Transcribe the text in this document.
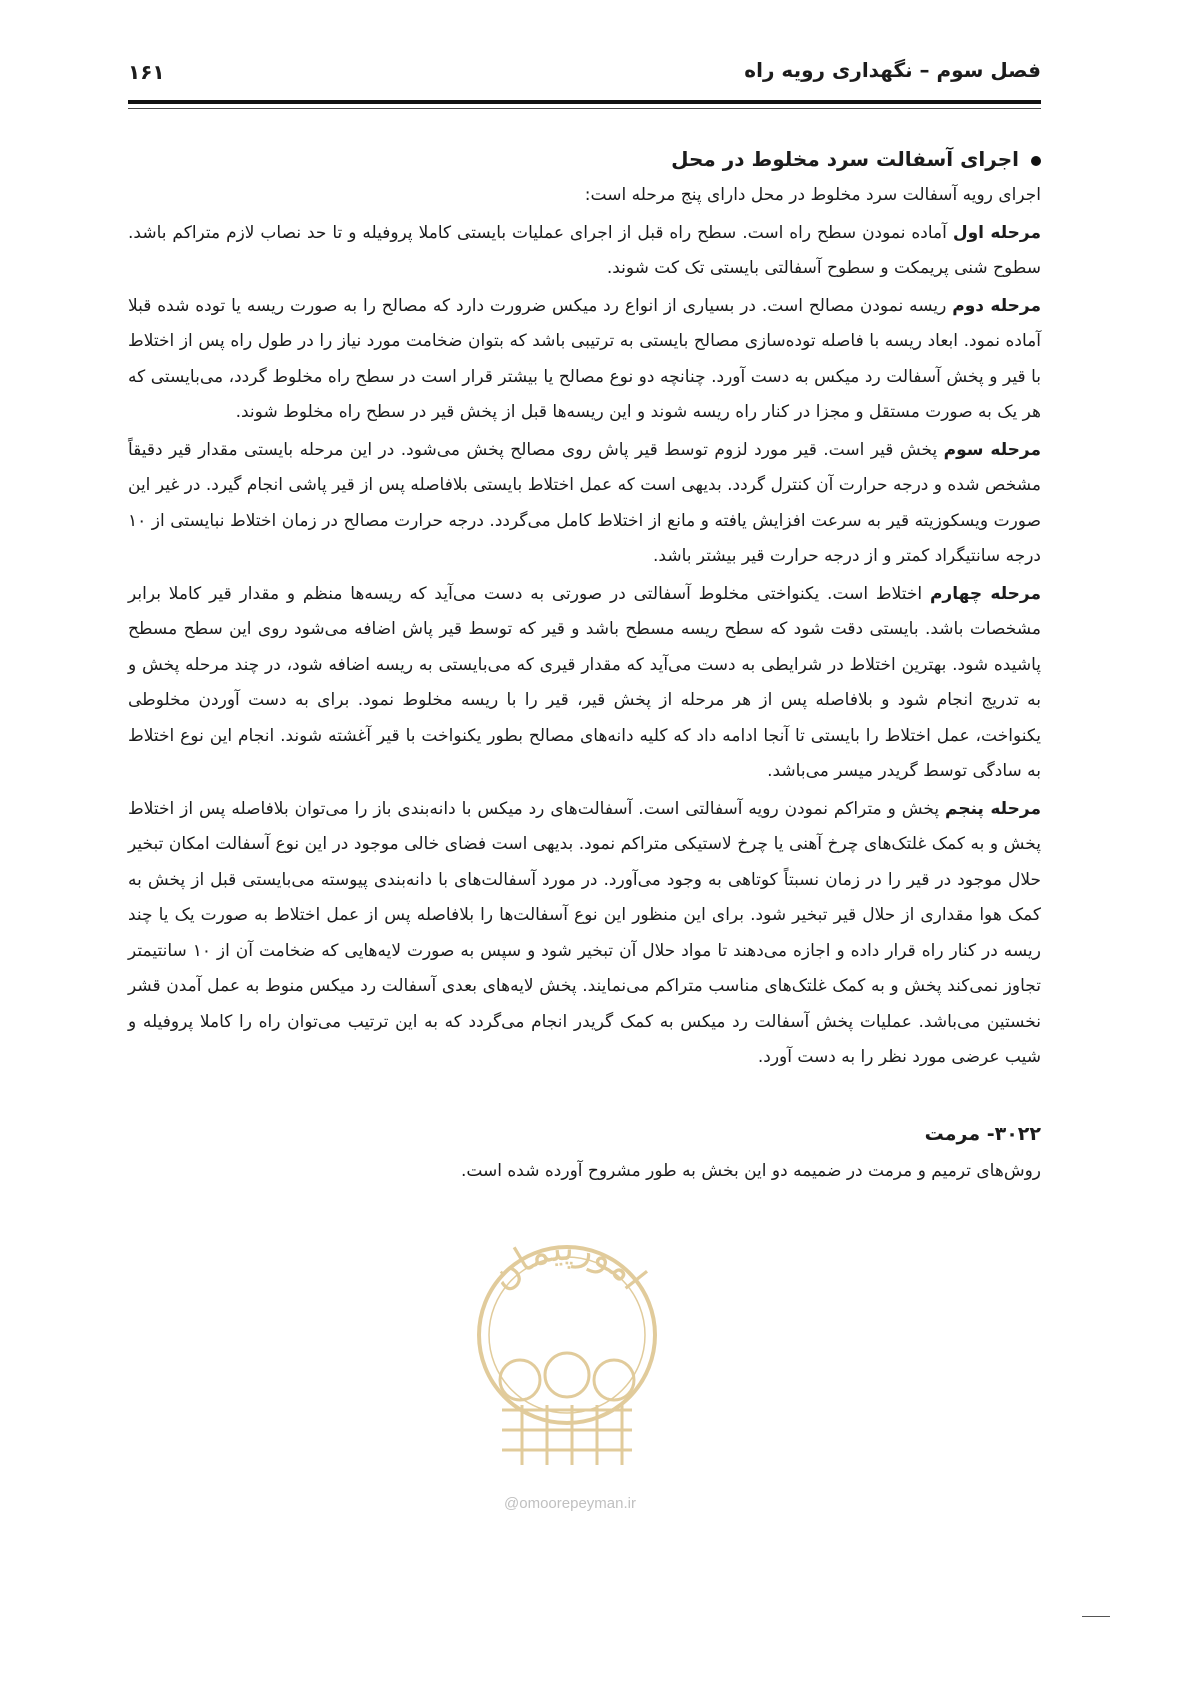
فصل سوم – نگهداری رویه راه
۱۶۱

اجرای آسفالت سرد مخلوط در محل

اجرای رویه آسفالت سرد مخلوط در محل دارای پنج مرحله است:

مرحله اول آماده نمودن سطح راه است. سطح راه قبل از اجرای عملیات بایستی کاملا پروفیله و تا حد نصاب لازم متراکم باشد. سطوح شنی پریمکت و سطوح آسفالتی بایستی تک کت شوند.

مرحله دوم ریسه نمودن مصالح است. در بسیاری از انواع رد میکس ضرورت دارد که مصالح را به صورت ریسه یا توده شده قبلا آماده نمود. ابعاد ریسه با فاصله توده‌سازی مصالح بایستی به ترتیبی باشد که بتوان ضخامت مورد نیاز را در طول راه پس از اختلاط با قیر و پخش آسفالت رد میکس به دست آورد. چنانچه دو نوع مصالح یا بیشتر قرار است در سطح راه مخلوط گردد، می‌بایستی که هر یک به صورت مستقل و مجزا در کنار راه ریسه شوند و این ریسه‌ها قبل از پخش قیر در سطح راه مخلوط شوند.

مرحله سوم پخش قیر است. قیر مورد لزوم توسط قیر پاش روی مصالح پخش می‌شود. در این مرحله بایستی مقدار قیر دقیقاً مشخص شده و درجه حرارت آن کنترل گردد. بدیهی است که عمل اختلاط بایستی بلافاصله پس از قیر پاشی انجام گیرد. در غیر این صورت ویسکوزیته قیر به سرعت افزایش یافته و مانع از اختلاط کامل می‌گردد. درجه حرارت مصالح در زمان اختلاط نبایستی از ۱۰ درجه سانتیگراد کمتر و از درجه حرارت قیر بیشتر باشد.

مرحله چهارم اختلاط است. یکنواختی مخلوط آسفالتی در صورتی به دست می‌آید که ریسه‌ها منظم و مقدار قیر کاملا برابر مشخصات باشد. بایستی دقت شود که سطح ریسه مسطح باشد و قیر که توسط قیر پاش اضافه می‌شود روی این سطح مسطح پاشیده شود. بهترین اختلاط در شرایطی به دست می‌آید که مقدار قیری که می‌بایستی به ریسه اضافه شود، در چند مرحله پخش و به تدریج انجام شود و بلافاصله پس از هر مرحله از پخش قیر، قیر را با ریسه مخلوط نمود. برای به دست آوردن مخلوطی یکنواخت، عمل اختلاط را بایستی تا آنجا ادامه داد که کلیه دانه‌های مصالح بطور یکنواخت با قیر آغشته شوند. انجام این نوع اختلاط به سادگی توسط گریدر میسر می‌باشد.

مرحله پنجم پخش و متراکم نمودن رویه آسفالتی است. آسفالت‌های رد میکس با دانه‌بندی باز را می‌توان بلافاصله پس از اختلاط پخش و به کمک غلتک‌های چرخ آهنی یا چرخ لاستیکی متراکم نمود. بدیهی است فضای خالی موجود در این نوع آسفالت امکان تبخیر حلال موجود در قیر را در زمان نسبتاً کوتاهی به وجود می‌آورد. در مورد آسفالت‌های با دانه‌بندی پیوسته می‌بایستی قبل از پخش به کمک هوا مقداری از حلال قیر تبخیر شود. برای این منظور این نوع آسفالت‌ها را بلافاصله پس از عمل اختلاط به صورت یک یا چند ریسه در کنار راه قرار داده و اجازه می‌دهند تا مواد حلال آن تبخیر شود و سپس به صورت لایه‌هایی که ضخامت آن از ۱۰ سانتیمتر تجاوز نمی‌کند پخش و به کمک غلتک‌های مناسب متراکم می‌نمایند. پخش لایه‌های بعدی آسفالت رد میکس منوط به عمل آمدن قشر نخستین می‌باشد. عملیات پخش آسفالت رد میکس به کمک گریدر انجام می‌گردد که به این ترتیب می‌توان راه را کاملا پروفیله و شیب عرضی مورد نظر را به دست آورد.

۳۰۲۲- مرمت

روش‌های ترمیم و مرمت در ضمیمه دو این بخش به طور مشروح آورده شده است.

امورپیمان
@omoorepeyman.ir
